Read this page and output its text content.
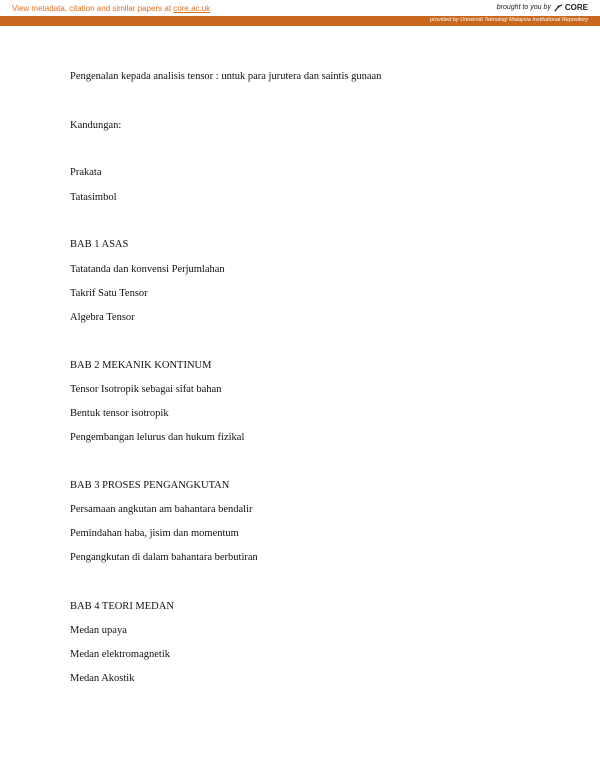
View metadata, citation and similar papers at core.ac.uk	brought to you by CORE
provided by Universiti Teknologi Malaysia Institutional Repository
Pengenalan kepada analisis tensor : untuk para jurutera dan saintis gunaan
Kandungan:
Prakata
Tatasimbol
BAB 1 ASAS
Tatatanda dan konvensi Perjumlahan
Takrif Satu Tensor
Algebra Tensor
BAB 2 MEKANIK KONTINUM
Tensor Isotropik sebagai sifat bahan
Bentuk tensor isotropik
Pengembangan lelurus dan hukum fizikal
BAB 3 PROSES PENGANGKUTAN
Persamaan angkutan am bahantara bendalir
Pemindahan haba, jisim dan momentum
Pengangkutan di dalam bahantara berbutiran
BAB 4 TEORI MEDAN
Medan upaya
Medan elektromagnetik
Medan Akostik
